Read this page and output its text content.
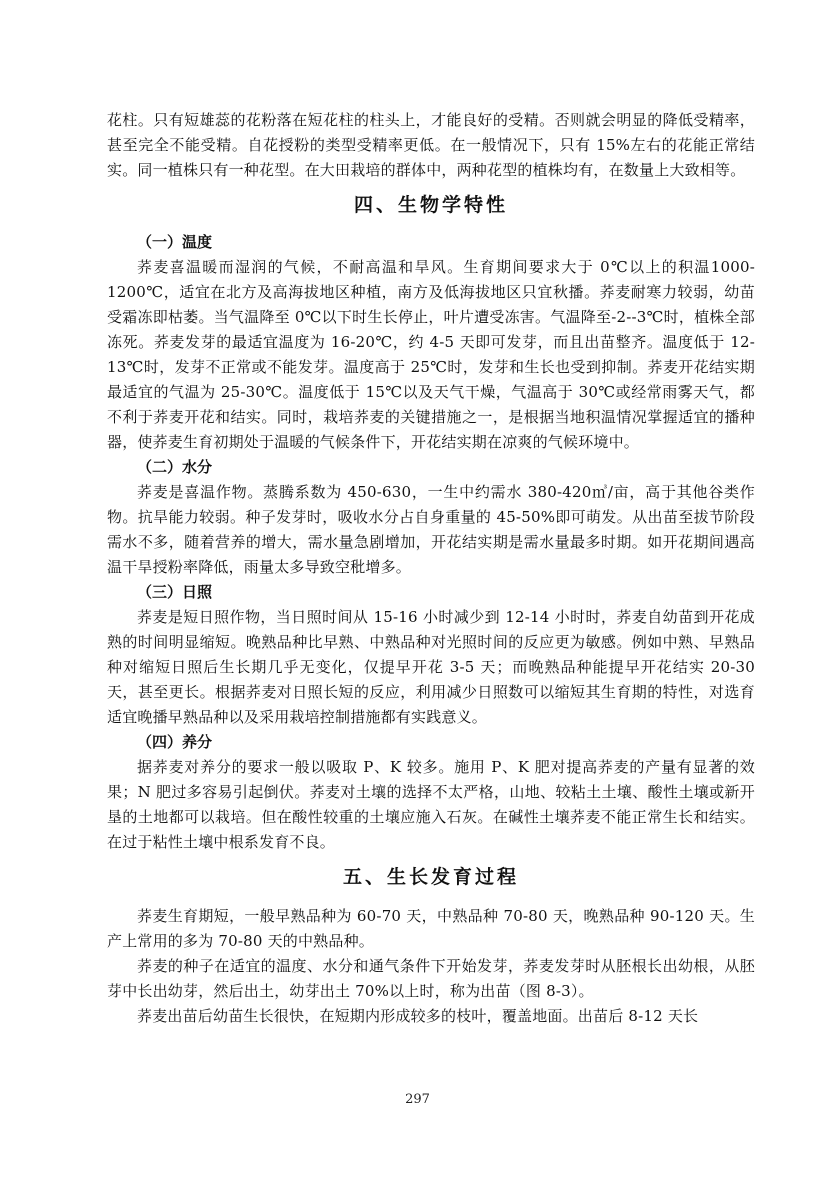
花柱。只有短雄蕊的花粉落在短花柱的柱头上，才能良好的受精。否则就会明显的降低受精率，甚至完全不能受精。自花授粉的类型受精率更低。在一般情况下，只有 15%左右的花能正常结实。同一植株只有一种花型。在大田栽培的群体中，两种花型的植株均有，在数量上大致相等。

四、生物学特性
（一）温度

荞麦喜温暖而湿润的气候，不耐高温和旱风。生育期间要求大于 0℃以上的积温1000-1200℃，适宜在北方及高海拔地区种植，南方及低海拔地区只宜秋播。荞麦耐寒力较弱，幼苗受霜冻即枯萎。当气温降至 0℃以下时生长停止，叶片遭受冻害。气温降至-2--3℃时，植株全部冻死。荞麦发芽的最适宜温度为 16-20℃，约 4-5 天即可发芽，而且出苗整齐。温度低于 12-13℃时，发芽不正常或不能发芽。温度高于 25℃时，发芽和生长也受到抑制。荞麦开花结实期最适宜的气温为 25-30℃。温度低于 15℃以及天气干燥，气温高于 30℃或经常雨雾天气，都不利于荞麦开花和结实。同时，栽培荞麦的关键措施之一，是根据当地积温情况掌握适宜的播种器，使荞麦生育初期处于温暖的气候条件下，开花结实期在凉爽的气候环境中。

（二）水分

荞麦是喜温作物。蒸腾系数为 450-630，一生中约需水 380-420㎥/亩，高于其他谷类作物。抗旱能力较弱。种子发芽时，吸收水分占自身重量的 45-50%即可萌发。从出苗至拔节阶段需水不多，随着营养的增大，需水量急剧增加，开花结实期是需水量最多时期。如开花期间遇高温干旱授粉率降低，雨量太多导致空秕增多。

（三）日照

荞麦是短日照作物，当日照时间从 15-16 小时减少到 12-14 小时时，荞麦自幼苗到开花成熟的时间明显缩短。晚熟品种比早熟、中熟品种对光照时间的反应更为敏感。例如中熟、早熟品种对缩短日照后生长期几乎无变化，仅提早开花 3-5 天；而晚熟品种能提早开花结实 20-30 天，甚至更长。根据荞麦对日照长短的反应，利用减少日照数可以缩短其生育期的特性，对选育适宜晚播早熟品种以及采用栽培控制措施都有实践意义。

（四）养分

据荞麦对养分的要求一般以吸取 P、K 较多。施用 P、K 肥对提高荞麦的产量有显著的效果；N 肥过多容易引起倒伏。荞麦对土壤的选择不太严格，山地、较粘土土壤、酸性土壤或新开垦的土地都可以栽培。但在酸性较重的土壤应施入石灰。在碱性土壤荞麦不能正常生长和结实。在过于粘性土壤中根系发育不良。

五、生长发育过程

荞麦生育期短，一般早熟品种为 60-70 天，中熟品种 70-80 天，晚熟品种 90-120 天。生产上常用的多为 70-80 天的中熟品种。

荞麦的种子在适宜的温度、水分和通气条件下开始发芽，荞麦发芽时从胚根长出幼根，从胚芽中长出幼芽，然后出土，幼芽出土 70%以上时，称为出苗（图 8-3）。

荞麦出苗后幼苗生长很快，在短期内形成较多的枝叶，覆盖地面。出苗后 8-12 天长

297
